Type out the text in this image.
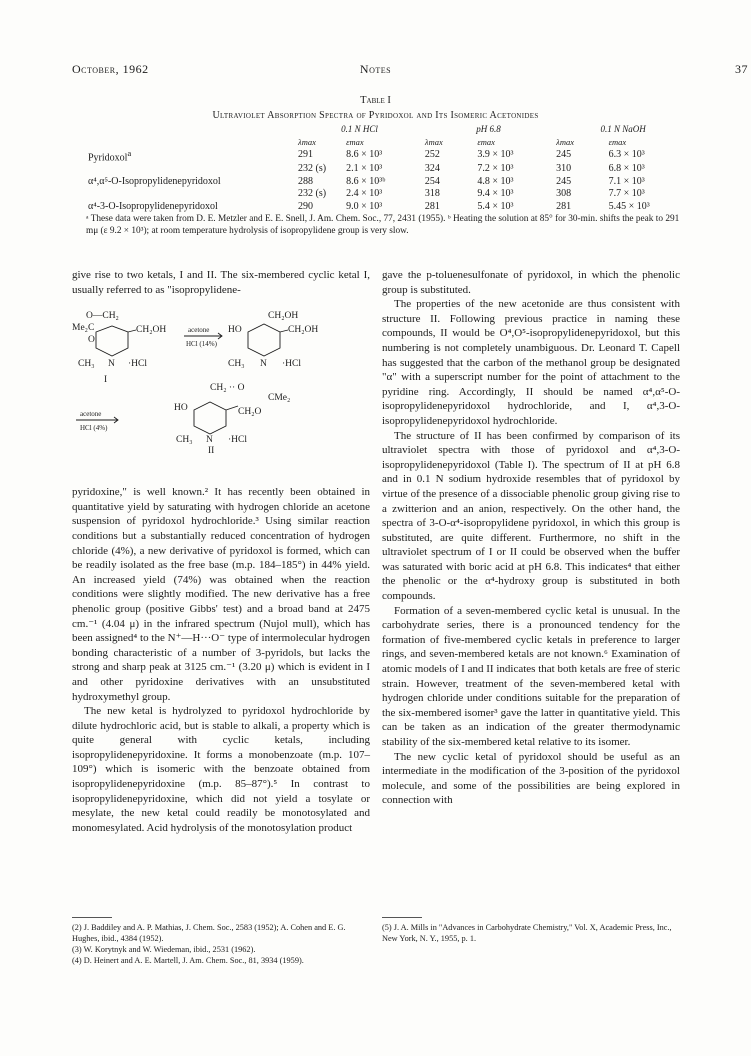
October, 1962	Notes	37
Table I
Ultraviolet Absorption Spectra of Pyridoxol and Its Isomeric Acetonides
	0.1 N HCl		pH 6.8		0.1 N NaOH	
	λmax	εmax	λmax	εmax	λmax	εmax
Pyridoxol$^a$	291	8.6 × 10³	252	3.9 × 10³	245	6.3 × 10³
	232 (s)	2.1 × 10³	324	7.2 × 10³	310	6.8 × 10³
α⁴,α⁵-O-Isopropylidenepyridoxol	288	8.6 × 10³ᵇ	254	4.8 × 10³	245	7.1 × 10³
	232 (s)	2.4 × 10³	318	9.4 × 10³	308	7.7 × 10³
α⁴-3-O-Isopropylidenepyridoxol	290	9.0 × 10³	281	5.4 × 10³	281	5.45 × 10³
ᵃ These data were taken from D. E. Metzler and E. E. Snell, J. Am. Chem. Soc., 77, 2431 (1955). ᵇ Heating the solution at 85° for 30-min. shifts the peak to 291 mμ (ε 9.2 × 10³); at room temperature hydrolysis of isopropylidene group is very slow.

give rise to two ketals, I and II. The six-membered cyclic ketal I, usually referred to as "isopropylidene-

pyridoxine," is well known.² It has recently been obtained in quantitative yield by saturating with hydrogen chloride an acetone suspension of pyridoxol hydrochloride.³ Using similar reaction conditions but a substantially reduced concentration of hydrogen chloride (4%), a new derivative of pyridoxol is formed, which can be readily isolated as the free base (m.p. 184–185°) in 44% yield. An increased yield (74%) was obtained when the reaction conditions were slightly modified. The new derivative has a free phenolic group (positive Gibbs' test) and a broad band at 2475 cm.⁻¹ (4.04 μ) in the infrared spectrum (Nujol mull), which has been assigned⁴ to the N⁺—H···O⁻ type of intermolecular hydrogen bonding characteristic of a number of 3-pyridols, but lacks the strong and sharp peak at 3125 cm.⁻¹ (3.20 μ) which is evident in I and other pyridoxine derivatives with an unsubstituted hydroxymethyl group.

The new ketal is hydrolyzed to pyridoxol hydrochloride by dilute hydrochloric acid, but is stable to alkali, a property which is quite general with cyclic ketals, including isopropylidenepyridoxine. It forms a monobenzoate (m.p. 107–109°) which is isomeric with the benzoate obtained from isopropylidenepyridoxine (m.p. 85–87°).⁵ In contrast to isopropylidenepyridoxine, which did not yield a tosylate or mesylate, the new ketal could readily be monotosylated and monomesylated. Acid hydrolysis of the monotosylation product

O—CH₂
Me₂C
O
CH₂OH
CH₃ N ·HCl
I
acetone
HCl (14%)
CH₂OH
HO	CH₂OH
CH₃ N ·HCl
acetone
HCl (4%)
CH₂ ·· O
CMe₂
HO	CH₂O
CH₃ N ·HCl
II

gave the p-toluenesulfonate of pyridoxol, in which the phenolic group is substituted.

The properties of the new acetonide are thus consistent with structure II. Following previous practice in naming these compounds, II would be O⁴,O⁵-isopropylidenepyridoxol, but this numbering is not completely unambiguous. Dr. Leonard T. Capell has suggested that the carbon of the methanol group be designated "α" with a superscript number for the point of attachment to the pyridine ring. Accordingly, II should be named α⁴,α⁵-O-isopropylidenepyridoxol hydrochloride, and I, α⁴,3-O-isopropylidenepyridoxol hydrochloride.

The structure of II has been confirmed by comparison of its ultraviolet spectra with those of pyridoxol and α⁴,3-O-isopropylidenepyridoxol (Table I). The spectrum of II at pH 6.8 and in 0.1 N sodium hydroxide resembles that of pyridoxol by virtue of the presence of a dissociable phenolic group giving rise to a zwitterion and an anion, respectively. On the other hand, the spectra of 3-O-α⁴-isopropylidene pyridoxol, in which this group is substituted, are quite different. Furthermore, no shift in the ultraviolet spectrum of I or II could be observed when the buffer was saturated with boric acid at pH 6.8. This indicates⁴ that either the phenolic or the α⁴-hydroxy group is substituted in both compounds.

Formation of a seven-membered cyclic ketal is unusual. In the carbohydrate series, there is a pronounced tendency for the formation of five-membered cyclic ketals in preference to larger rings, and seven-membered ketals are not known.⁶ Examination of atomic models of I and II indicates that both ketals are free of steric strain. However, treatment of the seven-membered ketal with hydrogen chloride under conditions suitable for the preparation of the six-membered isomer³ gave the latter in quantitative yield. This can be taken as an indication of the greater thermodynamic stability of the six-membered ketal relative to its isomer.

The new cyclic ketal of pyridoxol should be useful as an intermediate in the modification of the 3-position of the pyridoxol molecule, and some of the possibilities are being explored in connection with

(2) J. Baddiley and A. P. Mathias, J. Chem. Soc., 2583 (1952); A. Cohen and E. G. Hughes, ibid., 4384 (1952).

(3) W. Korytnyk and W. Wiedeman, ibid., 2531 (1962).

(4) D. Heinert and A. E. Martell, J. Am. Chem. Soc., 81, 3934 (1959).

(5) J. A. Mills in "Advances in Carbohydrate Chemistry," Vol. X, Academic Press, Inc., New York, N. Y., 1955, p. 1.
